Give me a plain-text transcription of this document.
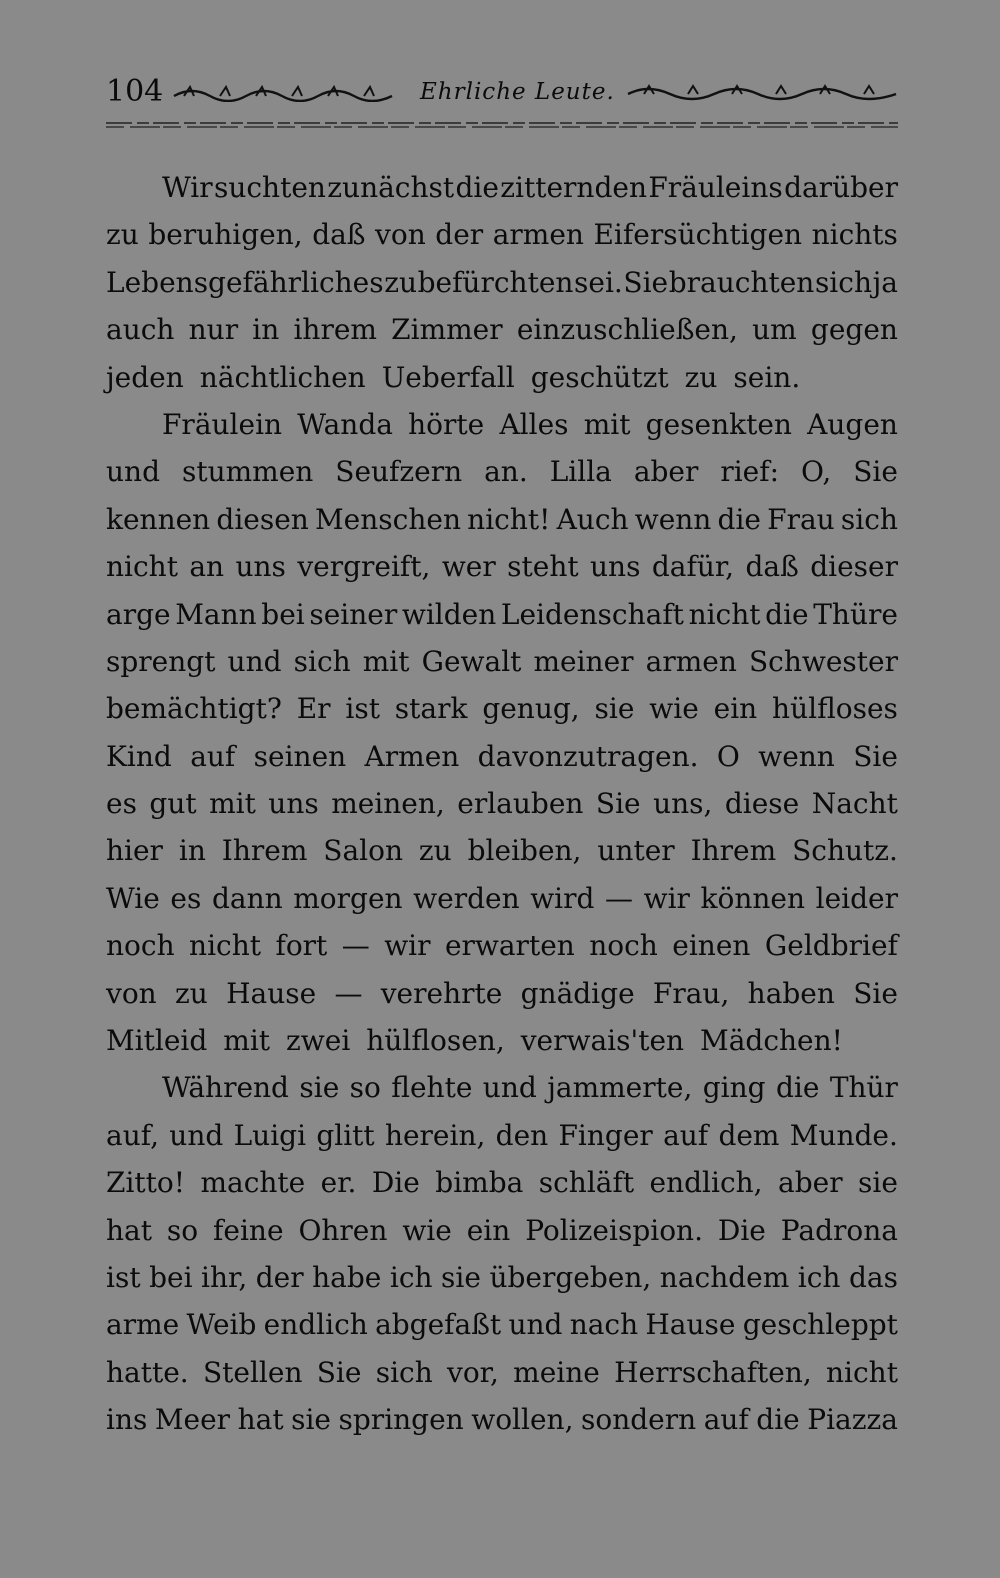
104	Ehrliche Leute.
Wir suchten zunächst die zitternden Fräuleins darüber
zu beruhigen, daß von der armen Eifersüchtigen nichts
Lebensgefährliches zu befürchten sei. Sie brauchten sich ja
auch nur in ihrem Zimmer einzuschließen, um gegen
jeden nächtlichen Ueberfall geschützt zu sein.
Fräulein Wanda hörte Alles mit gesenkten Augen
und stummen Seufzern an. Lilla aber rief: O, Sie
kennen diesen Menschen nicht! Auch wenn die Frau sich
nicht an uns vergreift, wer steht uns dafür, daß dieser
arge Mann bei seiner wilden Leidenschaft nicht die Thüre
sprengt und sich mit Gewalt meiner armen Schwester
bemächtigt? Er ist stark genug, sie wie ein hülfloses
Kind auf seinen Armen davonzutragen. O wenn Sie
es gut mit uns meinen, erlauben Sie uns, diese Nacht
hier in Ihrem Salon zu bleiben, unter Ihrem Schutz.
Wie es dann morgen werden wird — wir können leider
noch nicht fort — wir erwarten noch einen Geldbrief
von zu Hause — verehrte gnädige Frau, haben Sie
Mitleid mit zwei hülflosen, verwais'ten Mädchen!
Während sie so flehte und jammerte, ging die Thür
auf, und Luigi glitt herein, den Finger auf dem Munde.
Zitto! machte er. Die bimba schläft endlich, aber sie
hat so feine Ohren wie ein Polizeispion. Die Padrona
ist bei ihr, der habe ich sie übergeben, nachdem ich das
arme Weib endlich abgefaßt und nach Hause geschleppt
hatte. Stellen Sie sich vor, meine Herrschaften, nicht
ins Meer hat sie springen wollen, sondern auf die Piazza
